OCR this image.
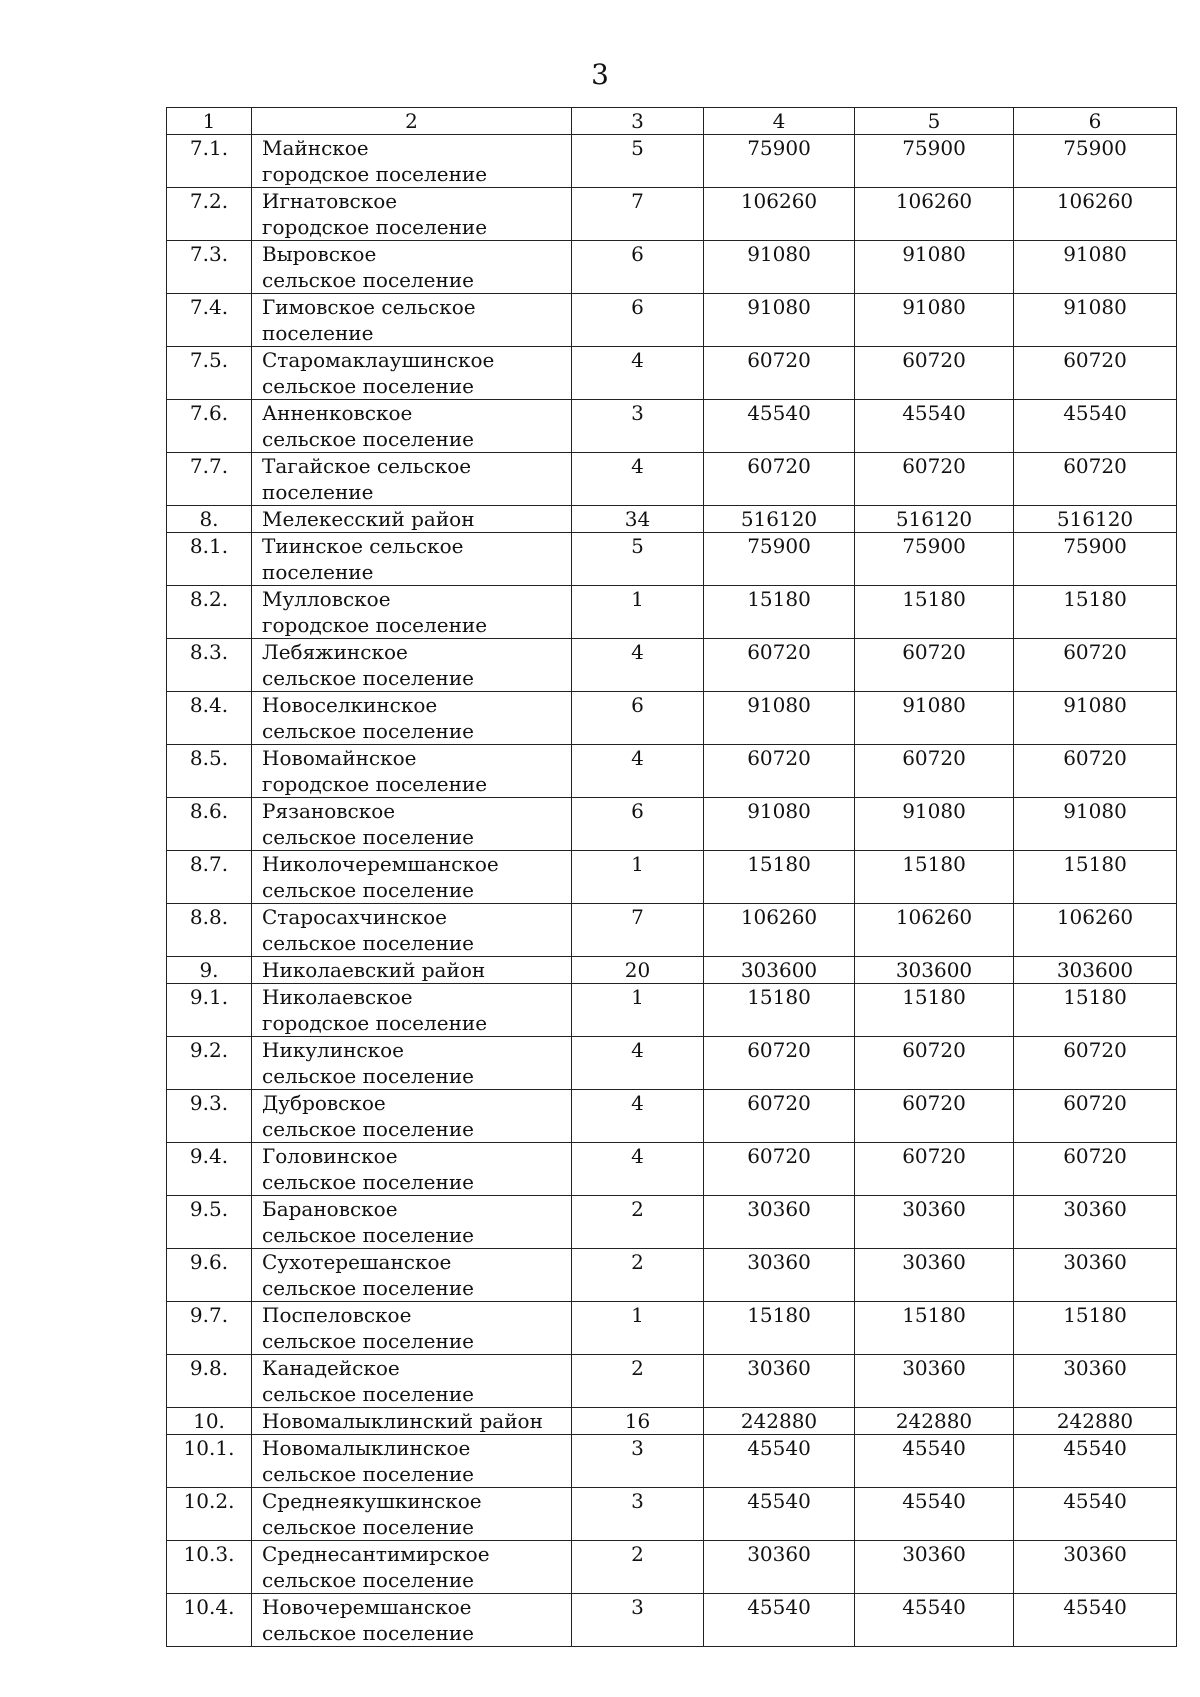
3
1	2	3	4	5	6
7.1.	Майнское
городское поселение	5	75900	75900	75900
7.2.	Игнатовское
городское поселение	7	106260	106260	106260
7.3.	Выровское
сельское поселение	6	91080	91080	91080
7.4.	Гимовское сельское поселение	6	91080	91080	91080
7.5.	Старомаклаушинское
сельское поселение	4	60720	60720	60720
7.6.	Анненковское
сельское поселение	3	45540	45540	45540
7.7.	Тагайское сельское поселение	4	60720	60720	60720
8.	Мелекесский район	34	516120	516120	516120
8.1.	Тиинское сельское поселение	5	75900	75900	75900
8.2.	Мулловское
городское поселение	1	15180	15180	15180
8.3.	Лебяжинское
сельское поселение	4	60720	60720	60720
8.4.	Новоселкинское
сельское поселение	6	91080	91080	91080
8.5.	Новомайнское
городское поселение	4	60720	60720	60720
8.6.	Рязановское
сельское поселение	6	91080	91080	91080
8.7.	Николочеремшанское
сельское поселение	1	15180	15180	15180
8.8.	Старосахчинское
сельское поселение	7	106260	106260	106260
9.	Николаевский район	20	303600	303600	303600
9.1.	Николаевское
городское поселение	1	15180	15180	15180
9.2.	Никулинское
сельское поселение	4	60720	60720	60720
9.3.	Дубровское
сельское поселение	4	60720	60720	60720
9.4.	Головинское
сельское поселение	4	60720	60720	60720
9.5.	Барановское
сельское поселение	2	30360	30360	30360
9.6.	Сухотерешанское
сельское поселение	2	30360	30360	30360
9.7.	Поспеловское
сельское поселение	1	15180	15180	15180
9.8.	Канадейское
сельское поселение	2	30360	30360	30360
10.	Новомалыклинский район	16	242880	242880	242880
10.1.	Новомалыклинское
сельское поселение	3	45540	45540	45540
10.2.	Среднеякушкинское
сельское поселение	3	45540	45540	45540
10.3.	Среднесантимирское
сельское поселение	2	30360	30360	30360
10.4.	Новочеремшанское
сельское поселение	3	45540	45540	45540
